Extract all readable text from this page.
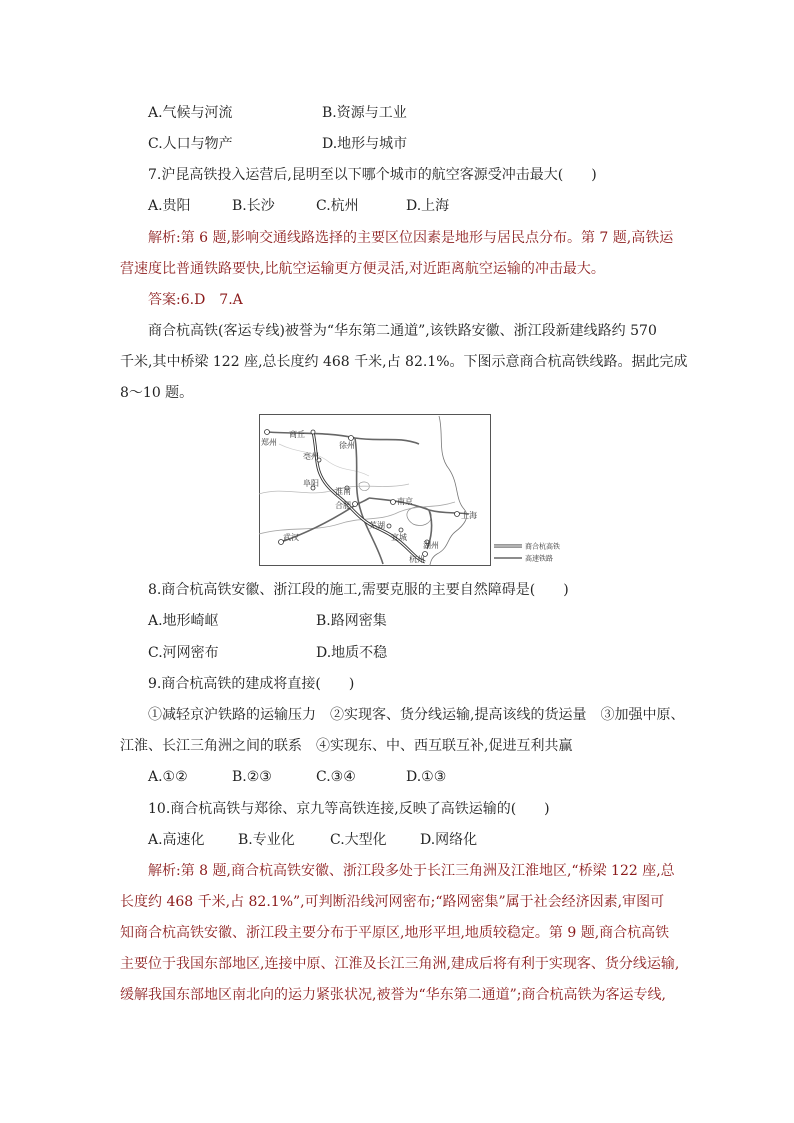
A.气候与河流	B.资源与工业
C.人口与物产	D.地形与城市
7.沪昆高铁投入运营后,昆明至以下哪个城市的航空客源受冲击最大(　　)
A.贵阳	B.长沙	C.杭州	D.上海
解析:第 6 题,影响交通线路选择的主要区位因素是地形与居民点分布。第 7 题,高铁运
营速度比普通铁路要快,比航空运输更方便灵活,对近距离航空运输的冲击最大。
答案:6.D　7.A
商合杭高铁(客运专线)被誉为“华东第二通道”,该铁路安徽、浙江段新建线路约 570
千米,其中桥梁 122 座,总长度约 468 千米,占 82.1%。下图示意商合杭高铁线路。据此完成
8～10 题。
郑州
商丘
徐州
亳州
阜阳
淮南
合肥	南京
上海
芜湖
宣城
武汉
湖州
杭州
商合杭高铁
高速铁路
8.商合杭高铁安徽、浙江段的施工,需要克服的主要自然障碍是(　　)
A.地形崎岖	B.路网密集
C.河网密布	D.地质不稳
9.商合杭高铁的建成将直接(　　)
①减轻京沪铁路的运输压力　②实现客、货分线运输,提高该线的货运量　③加强中原、
江淮、长江三角洲之间的联系　④实现东、中、西互联互补,促进互利共赢
A.①②	B.②③	C.③④	D.①③
10.商合杭高铁与郑徐、京九等高铁连接,反映了高铁运输的(　　)
A.高速化 B.专业化	C.大型化 D.网络化
解析:第 8 题,商合杭高铁安徽、浙江段多处于长江三角洲及江淮地区,“桥梁 122 座,总
长度约 468 千米,占 82.1%”,可判断沿线河网密布;“路网密集”属于社会经济因素,审图可
知商合杭高铁安徽、浙江段主要分布于平原区,地形平坦,地质较稳定。第 9 题,商合杭高铁
主要位于我国东部地区,连接中原、江淮及长江三角洲,建成后将有利于实现客、货分线运输,
缓解我国东部地区南北向的运力紧张状况,被誉为“华东第二通道”;商合杭高铁为客运专线,
